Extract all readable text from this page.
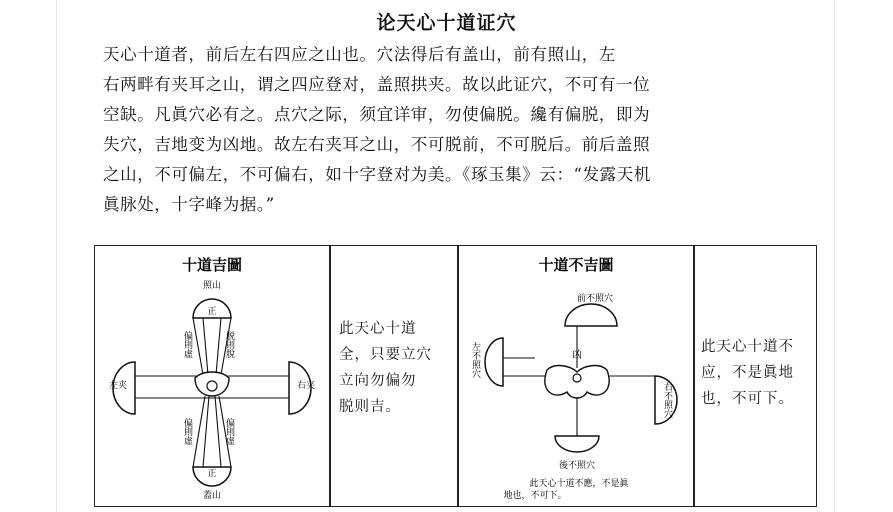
论天心十道证穴

天心十道者，前后左右四应之山也。穴法得后有盖山，前有照山，左

右两畔有夹耳之山，谓之四应登对，盖照拱夹。故以此证穴，不可有一位

空缺。凡眞穴必有之。点穴之际，须宜详审，勿使偏脱。纔有偏脱，即为

失穴，吉地变为凶地。故左右夹耳之山，不可脱前，不可脱后。前后盖照

之山，不可偏左，不可偏右，如十字登对为美。《琢玉集》云：“发露天机

眞脉处，十字峰为据。”

十道吉圖
照山
正
正
蓋山
左夹	右夹
偏則虛	脱則脫
偏則虛	偏則虛
此天心十道
全，只要立穴
立向勿偏勿
脱则吉。
十道不吉圖
前不照穴
左不照穴
右不照穴
凶
後不照穴
此天心十道不應，不是眞
地也，不可下。
此天心十道不
应，不是眞地
也，不可下。
